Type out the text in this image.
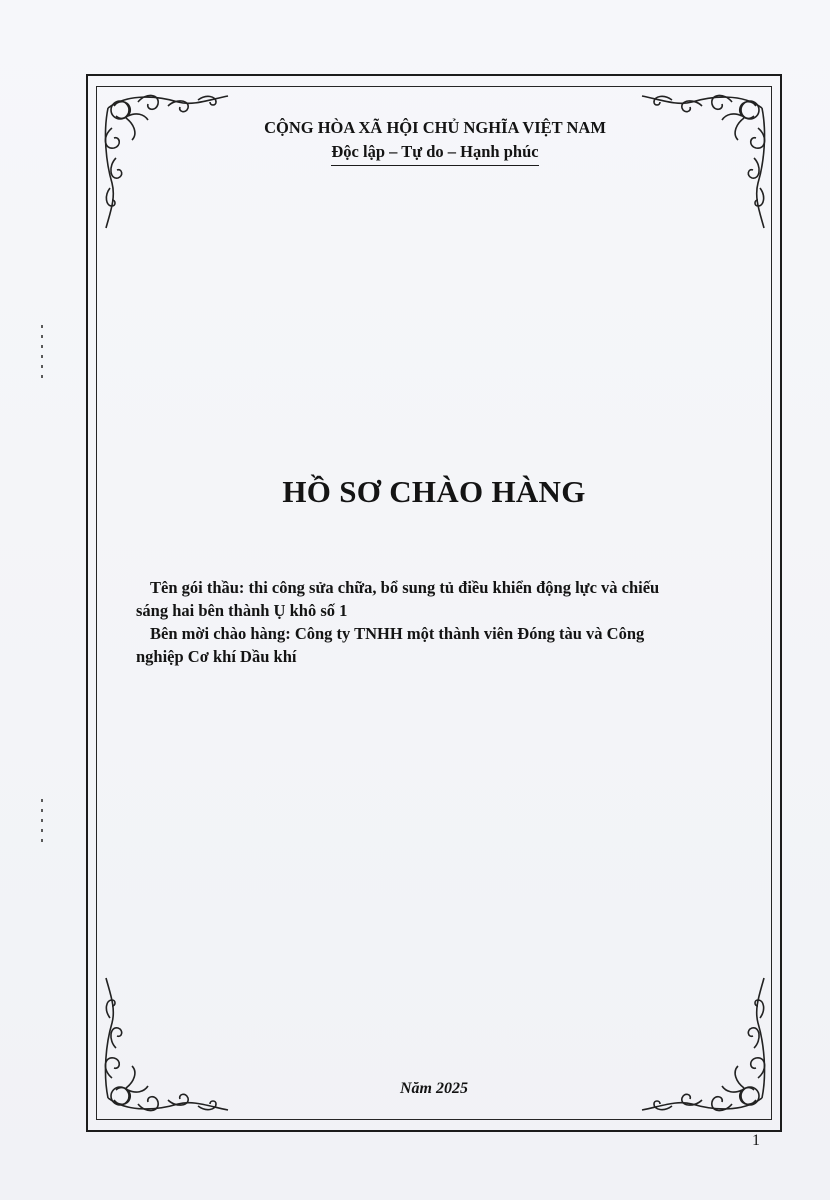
CỘNG HÒA XÃ HỘI CHỦ NGHĨA VIỆT NAM
Độc lập – Tự do – Hạnh phúc
HỒ SƠ CHÀO HÀNG

Tên gói thầu: thi công sửa chữa, bổ sung tủ điều khiển động lực và chiếu

sáng hai bên thành Ụ khô số 1

Bên mời chào hàng: Công ty TNHH một thành viên Đóng tàu và Công

nghiệp Cơ khí Dầu khí

Năm 2025
1
